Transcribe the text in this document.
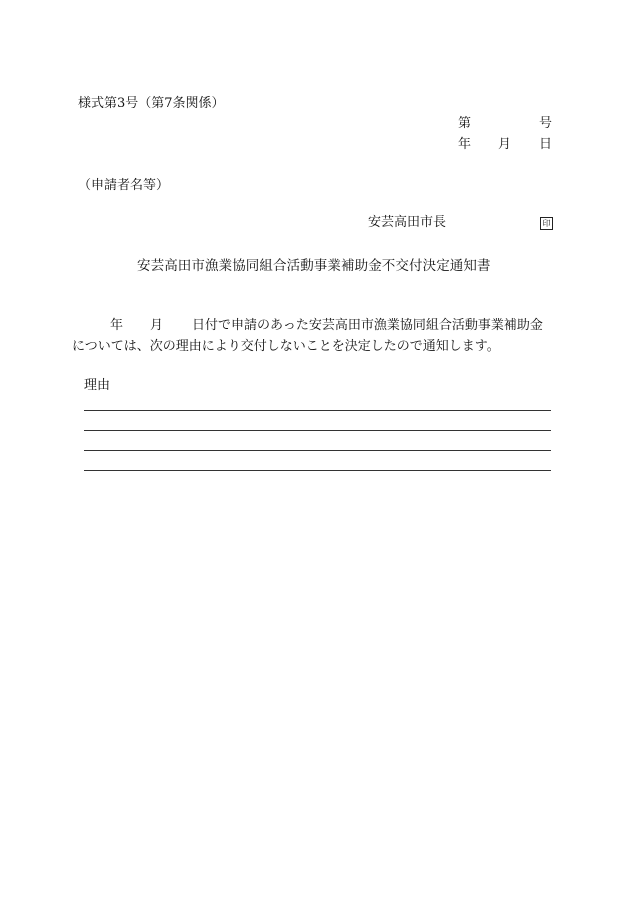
様式第3号（第7条関係）
第	号
年 月 日
（申請者名等）
安芸高田市長	印
安芸高田市漁業協同組合活動事業補助金不交付決定通知書
年 月 日付で申請のあった安芸高田市漁業協同組合活動事業補助金
については、次の理由により交付しないことを決定したので通知します。
理由
